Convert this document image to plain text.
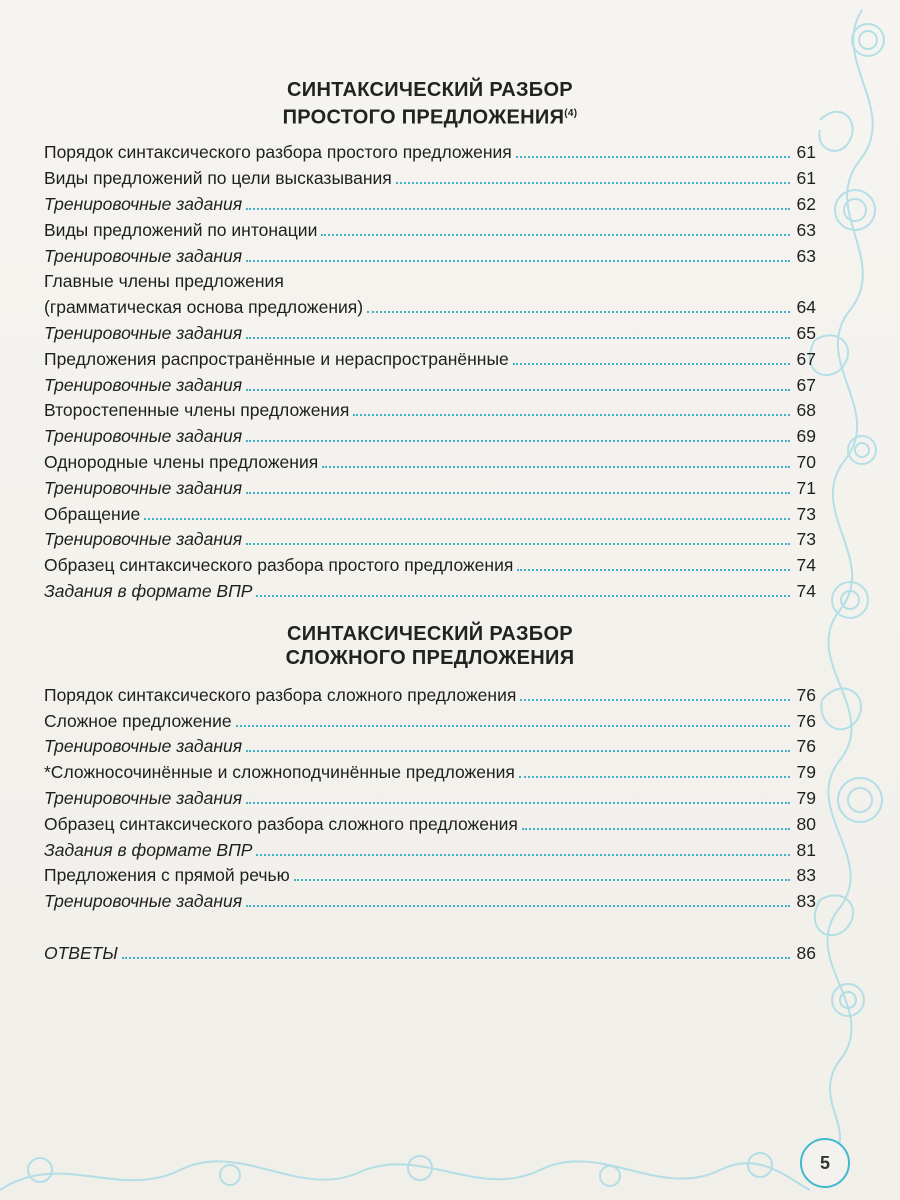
СИНТАКСИЧЕСКИЙ РАЗБОР
ПРОСТОГО ПРЕДЛОЖЕНИЯ$^{(4)}$
Порядок синтаксического разбора простого предложения	61
Виды предложений по цели высказывания	61
Тренировочные задания	62
Виды предложений по интонации	63
Тренировочные задания	63
Главные члены предложения
(грамматическая основа предложения)	64
Тренировочные задания	65
Предложения распространённые и нераспространённые	67
Тренировочные задания	67
Второстепенные члены предложения	68
Тренировочные задания	69
Однородные члены предложения	70
Тренировочные задания	71
Обращение	73
Тренировочные задания	73
Образец синтаксического разбора простого предложения	74
Задания в формате ВПР	74
СИНТАКСИЧЕСКИЙ РАЗБОР
СЛОЖНОГО ПРЕДЛОЖЕНИЯ
Порядок синтаксического разбора сложного предложения	76
Сложное предложение	76
Тренировочные задания	76
*Сложносочинённые и сложноподчинённые предложения	79
Тренировочные задания	79
Образец синтаксического разбора сложного предложения	80
Задания в формате ВПР	81
Предложения с прямой речью	83
Тренировочные задания	83
ОТВЕТЫ	86
5
